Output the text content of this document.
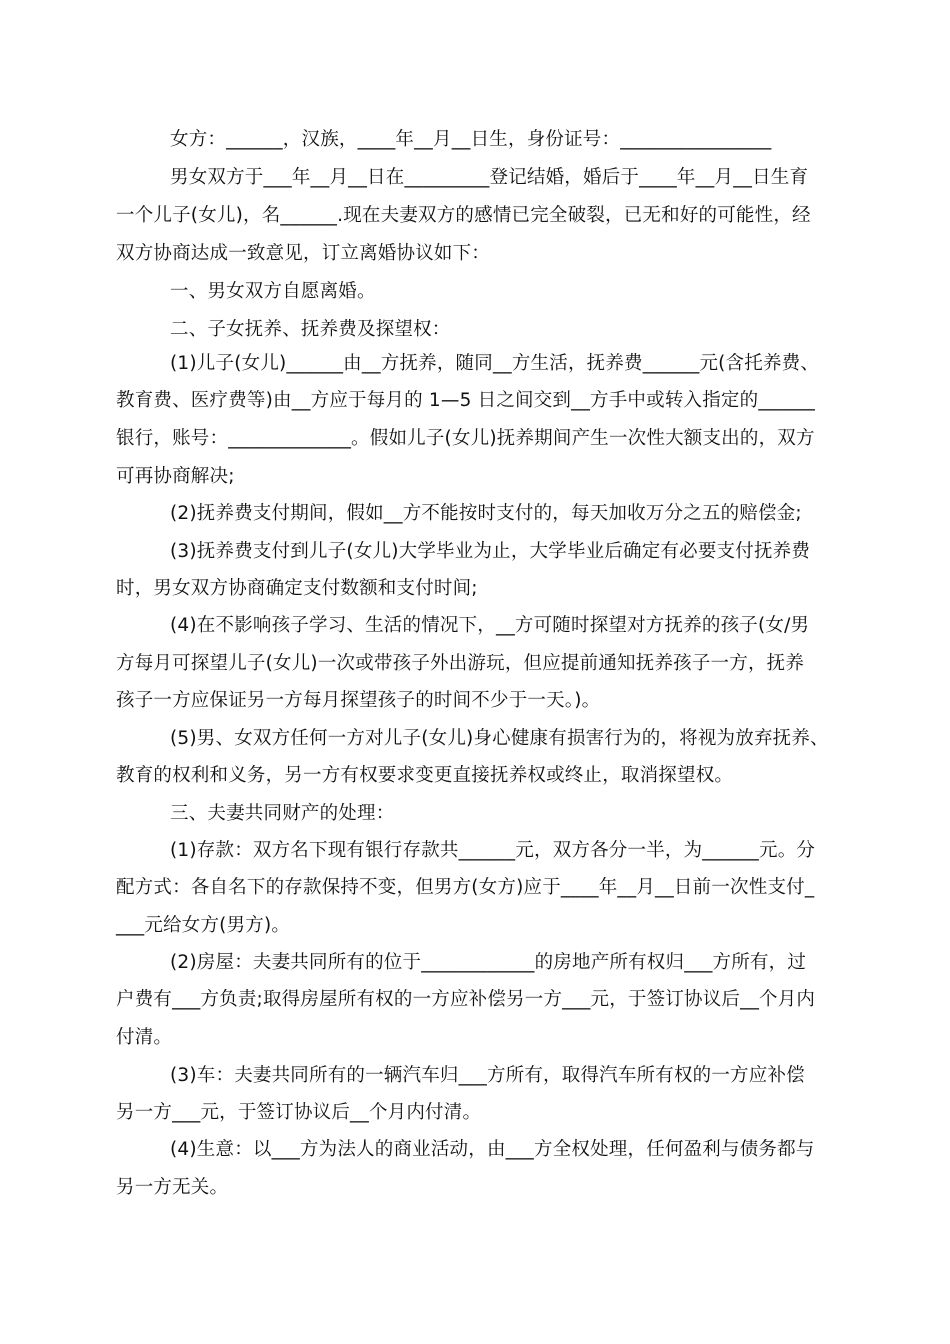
女方：______，汉族，____年__月__日生，身份证号：________________
男女双方于___年__月__日在_________登记结婚，婚后于____年__月__日生育
一个儿子(女儿)，名______.现在夫妻双方的感情已完全破裂，已无和好的可能性，经
双方协商达成一致意见，订立离婚协议如下：
一、男女双方自愿离婚。
二、子女抚养、抚养费及探望权：
(1)儿子(女儿)______由__方抚养，随同__方生活，抚养费______元(含托养费、
教育费、医疗费等)由__方应于每月的 1—5 日之间交到__方手中或转入指定的______
银行，账号：_____________。假如儿子(女儿)抚养期间产生一次性大额支出的，双方
可再协商解决;
(2)抚养费支付期间，假如__方不能按时支付的，每天加收万分之五的赔偿金;
(3)抚养费支付到儿子(女儿)大学毕业为止，大学毕业后确定有必要支付抚养费
时，男女双方协商确定支付数额和支付时间;
(4)在不影响孩子学习、生活的情况下，__方可随时探望对方抚养的孩子(女/男
方每月可探望儿子(女儿)一次或带孩子外出游玩，但应提前通知抚养孩子一方，抚养
孩子一方应保证另一方每月探望孩子的时间不少于一天。)。
(5)男、女双方任何一方对儿子(女儿)身心健康有损害行为的，将视为放弃抚养、
教育的权利和义务，另一方有权要求变更直接抚养权或终止，取消探望权。
三、夫妻共同财产的处理：
(1)存款：双方名下现有银行存款共______元，双方各分一半，为______元。分
配方式：各自名下的存款保持不变，但男方(女方)应于____年__月__日前一次性支付_
___元给女方(男方)。
(2)房屋：夫妻共同所有的位于____________的房地产所有权归___方所有，过
户费有___方负责;取得房屋所有权的一方应补偿另一方___元，于签订协议后__个月内
付清。
(3)车：夫妻共同所有的一辆汽车归___方所有，取得汽车所有权的一方应补偿
另一方___元，于签订协议后__个月内付清。
(4)生意：以___方为法人的商业活动，由___方全权处理，任何盈利与债务都与
另一方无关。
